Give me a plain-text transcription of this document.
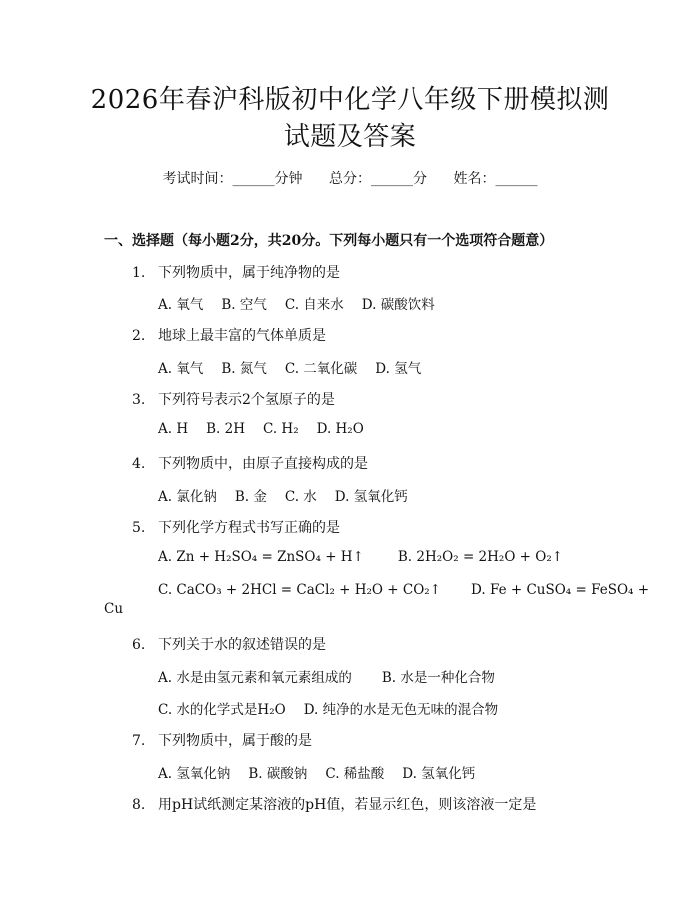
2026年春沪科版初中化学八年级下册模拟测
试题及答案
考试时间：______分钟 总分：______分 姓名：______
一、选择题（每小题2分，共20分。下列每小题只有一个选项符合题意）
1. 下列物质中，属于纯净物的是
A. 氧气 B. 空气 C. 自来水 D. 碳酸饮料
2. 地球上最丰富的气体单质是
A. 氧气 B. 氮气 C. 二氧化碳 D. 氢气
3. 下列符号表示2个氢原子的是
A. H B. 2H C. H₂ D. H₂O
4. 下列物质中，由原子直接构成的是
A. 氯化钠 B. 金 C. 水 D. 氢氧化钙
5. 下列化学方程式书写正确的是
A. Zn + H₂SO₄ = ZnSO₄ + H↑	B. 2H₂O₂ = 2H₂O + O₂↑
C. CaCO₃ + 2HCl = CaCl₂ + H₂O + CO₂↑ D. Fe + CuSO₄ = FeSO₄ +
Cu
6. 下列关于水的叙述错误的是
A. 水是由氢元素和氧元素组成的 B. 水是一种化合物
C. 水的化学式是H₂O D. 纯净的水是无色无味的混合物
7. 下列物质中，属于酸的是
A. 氢氧化钠 B. 碳酸钠 C. 稀盐酸 D. 氢氧化钙
8. 用pH试纸测定某溶液的pH值，若显示红色，则该溶液一定是
